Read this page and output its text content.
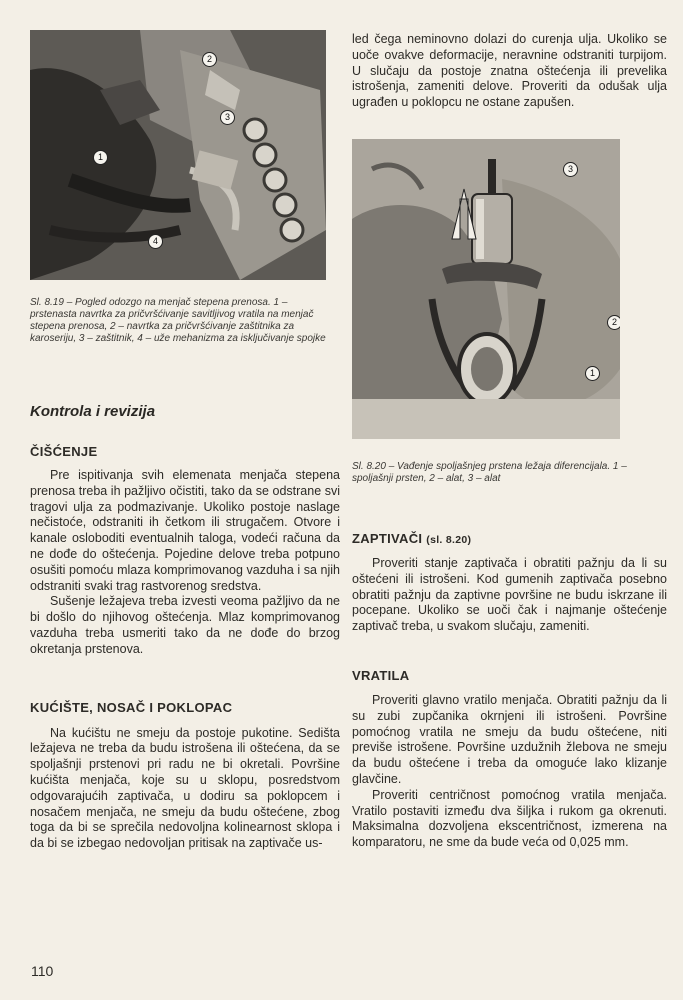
1
2
3
4

Sl. 8.19 – Pogled odozgo na menjač stepena prenosa. 1 – prstenasta navrtka za pričvršćivanje savitljivog vratila na menjač stepena prenosa, 2 – navrtka za pričvršćivanje zaštitnika za karoseriju, 3 – zaštitnik, 4 – uže mehanizma za isključivanje spojke

Kontrola i revizija
ČIŠĆENJE

Pre ispitivanja svih elemenata menjača stepena prenosa treba ih pažljivo očistiti, tako da se odstrane svi tragovi ulja za podmazivanje. Ukoliko postoje naslage nečistoće, odstraniti ih četkom ili strugačem. Otvore i kanale osloboditi eventualnih taloga, vodeći računa da ne dođe do oštećenja. Pojedine delove treba potpuno osušiti pomoću mlaza komprimovanog vazduha i sa njih odstraniti svaki trag rastvorenog sredstva.

Sušenje ležajeva treba izvesti veoma pažljivo da ne bi došlo do njihovog oštećenja. Mlaz komprimovanog vazduha treba usmeriti tako da ne dođe do brzog okretanja prstenova.

KUĆIŠTE, NOSAČ I POKLOPAC

Na kućištu ne smeju da postoje pukotine. Sedišta ležajeva ne treba da budu istrošena ili oštećena, da se spoljašnji prstenovi pri radu ne bi okretali. Površine kućišta menjača, koje su u sklopu, posredstvom odgovarajućih zaptivača, u dodiru sa poklopcem i nosačem menjača, ne smeju da budu oštećene, zbog toga da bi se sprečila nedovoljna kolinearnost sklopa i da bi se izbegao nedovoljan pritisak na zaptivače us-

110

led čega neminovno dolazi do curenja ulja. Ukoliko se uoče ovakve deformacije, neravnine odstraniti turpijom. U slučaju da postoje znatna oštećenja ili prevelika istrošenja, zameniti delove. Proveriti da odušak ulja ugrađen u poklopcu ne ostane zapušen.

3
2
1

Sl. 8.20 – Vađenje spoljašnjeg prstena ležaja diferencijala. 1 – spoljašnji prsten, 2 – alat, 3 – alat

ZAPTIVAČI (sl. 8.20)

Proveriti stanje zaptivača i obratiti pažnju da li su oštećeni ili istrošeni. Kod gumenih zaptivača posebno obratiti pažnju da zaptivne površine ne budu iskrzane ili pocepane. Ukoliko se uoči čak i najmanje oštećenje zaptivač treba, u svakom slučaju, zameniti.

VRATILA

Proveriti glavno vratilo menjača. Obratiti pažnju da li su zubi zupčanika okrnjeni ili istrošeni. Površine pomoćnog vratila ne smeju da budu oštećene, niti previše istrošene. Površine uzdužnih žlebova ne smeju da budu oštećene i treba da omoguće lako klizanje glavčine.

Proveriti centričnost pomoćnog vratila menjača. Vratilo postaviti između dva šiljka i rukom ga okrenuti. Maksimalna dozvoljena ekscentričnost, izmerena na komparatoru, ne sme da bude veća od 0,025 mm.
